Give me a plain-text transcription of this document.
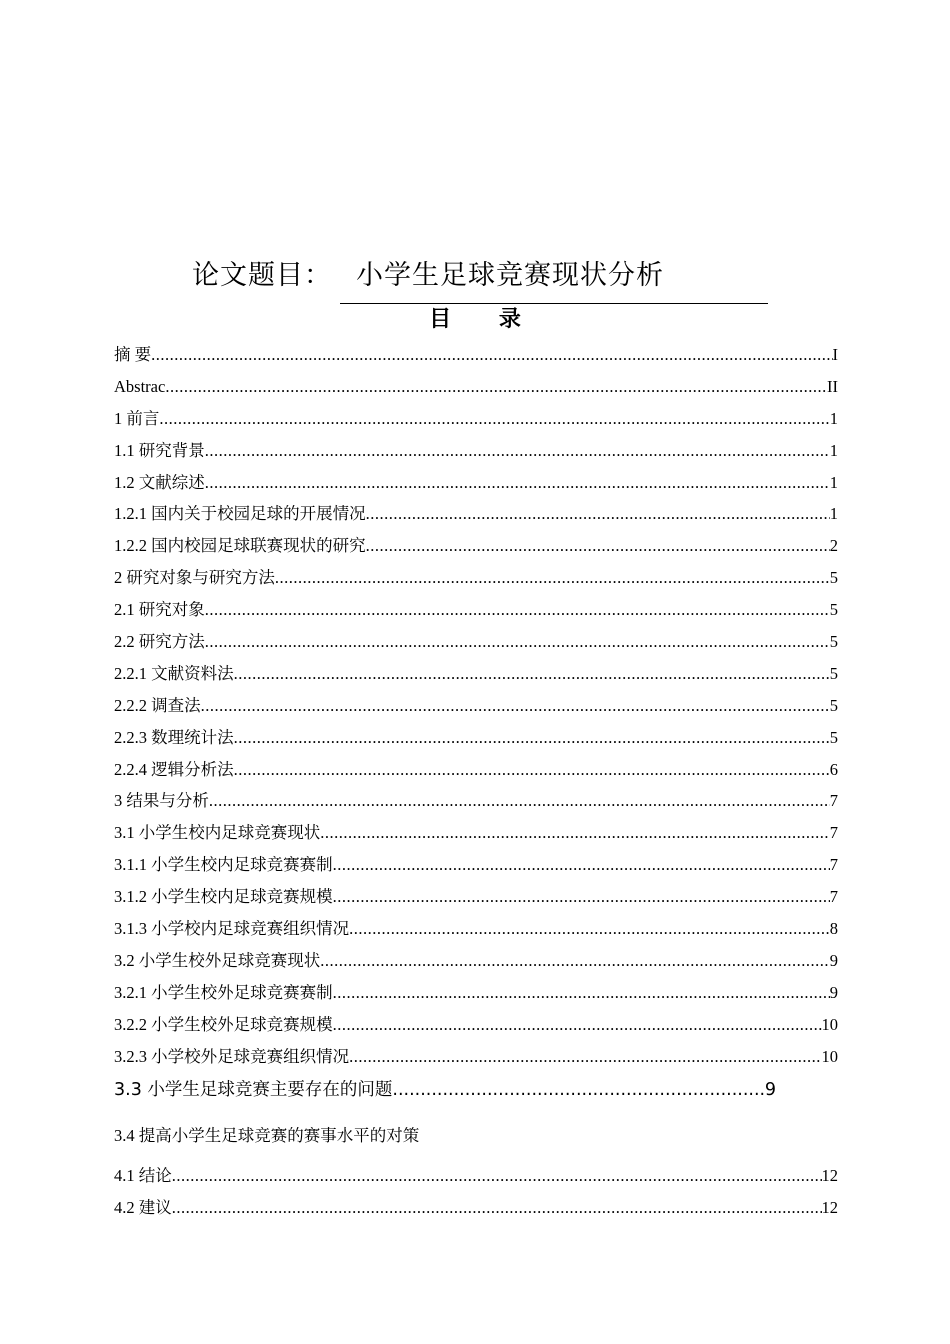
论文题目： 小学生足球竞赛现状分析
目 录
摘 要 .....	I
Abstrac .....	II
1 前言 .....	1
1.1 研究背景 .....	1
1.2 文献综述 .....	1
1.2.1 国内关于校园足球的开展情况 .....	1
1.2.2 国内校园足球联赛现状的研究 .....	2
2 研究对象与研究方法 .....	5
2.1 研究对象 .....	5
2.2 研究方法 .....	5
2.2.1 文献资料法 .....	5
2.2.2 调查法 .....	5
2.2.3 数理统计法 .....	5
2.2.4 逻辑分析法 .....	6
3 结果与分析 .....	7
3.1 小学生校内足球竞赛现状 .....	7
3.1.1 小学生校内足球竞赛赛制 .....	7
3.1.2 小学生校内足球竞赛规模 .....	7
3.1.3 小学校内足球竞赛组织情况 .....	8
3.2 小学生校外足球竞赛现状 .....	9
3.2.1 小学生校外足球竞赛赛制 .....	9
3.2.2 小学生校外足球竞赛规模 .....	10
3.2.3 小学校外足球竞赛组织情况 .....	10
3.3 小学生足球竞赛主要存在的问题 .....	9
3.4 提高小学生足球竞赛的赛事水平的对策
4.1 结论 .....	12
4.2 建议 .....	12
